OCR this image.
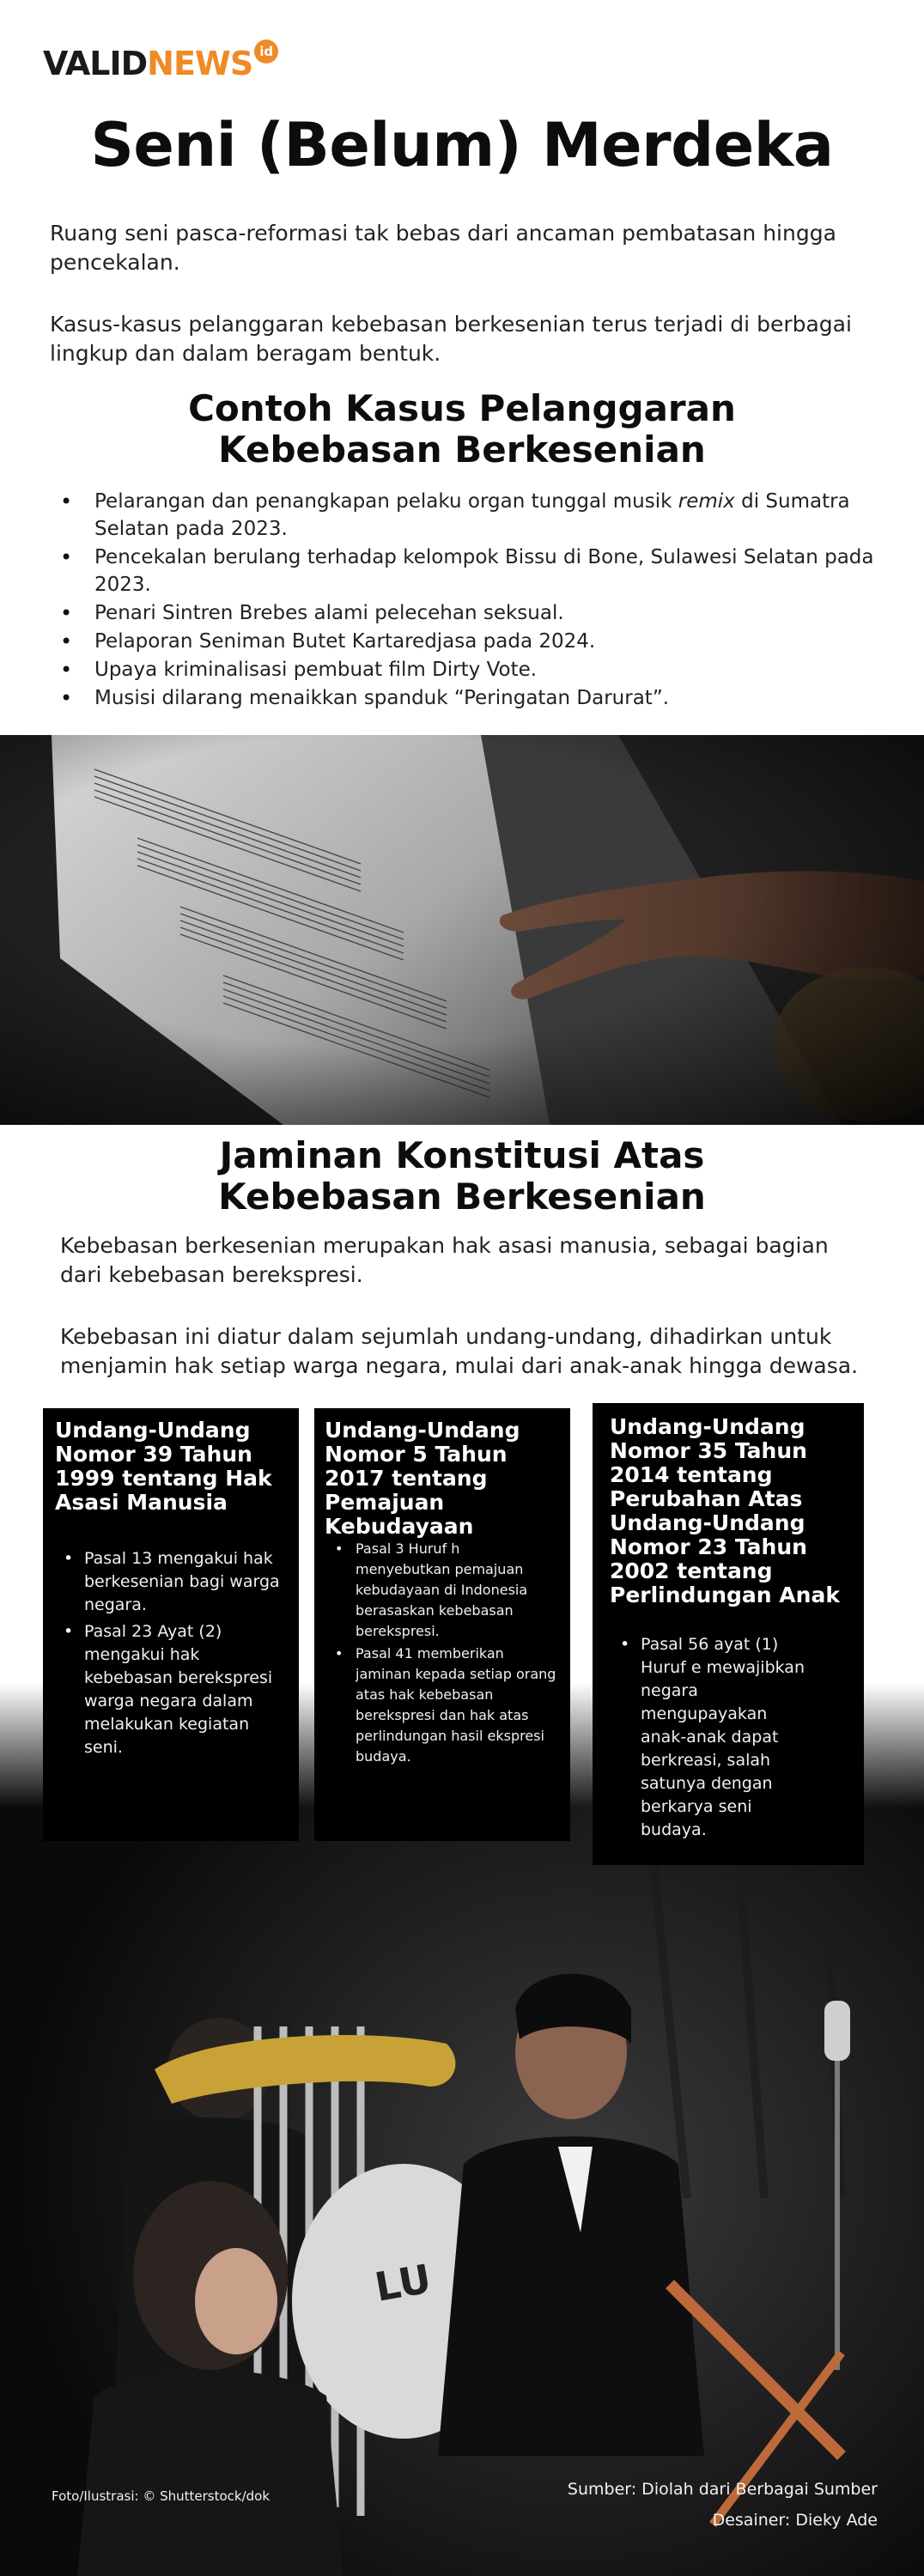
VALID NEWS id
Seni (Belum) Merdeka

Ruang seni pasca-reformasi tak bebas dari ancaman pembatasan hingga pencekalan.

Kasus-kasus pelanggaran kebebasan berkesenian terus terjadi di berbagai lingkup dan dalam beragam bentuk.

Contoh Kasus Pelanggaran
Kebebasan Berkesenian
• Pelarangan dan penangkapan pelaku organ tunggal musik remix di Sumatra Selatan pada 2023.
• Pencekalan berulang terhadap kelompok Bissu di Bone, Sulawesi Selatan pada 2023.
• Penari Sintren Brebes alami pelecehan seksual.
• Pelaporan Seniman Butet Kartaredjasa pada 2024.
• Upaya kriminalisasi pembuat film Dirty Vote.
• Musisi dilarang menaikkan spanduk “Peringatan Darurat”.
Jaminan Konstitusi Atas
Kebebasan Berkesenian

Kebebasan berkesenian merupakan hak asasi manusia, sebagai bagian dari kebebasan berekspresi.

Kebebasan ini diatur dalam sejumlah undang-undang, dihadirkan untuk menjamin hak setiap warga negara, mulai dari anak-anak hingga dewasa.

Undang-Undang Nomor 39 Tahun 1999 tentang Hak Asasi Manusia
• Pasal 13 mengakui hak berkesenian bagi warga negara.
• Pasal 23 Ayat (2) mengakui hak kebebasan berekspresi warga negara dalam melakukan kegiatan seni.
Undang-Undang Nomor 5 Tahun 2017 tentang Pemajuan Kebudayaan
• Pasal 3 Huruf h menyebutkan pemajuan kebudayaan di Indonesia berasaskan kebebasan berekspresi.
• Pasal 41 memberikan jaminan kepada setiap orang atas hak kebebasan berekspresi dan hak atas perlindungan hasil ekspresi budaya.
Undang-Undang Nomor 35 Tahun 2014 tentang Perubahan Atas Undang-Undang Nomor 23 Tahun 2002 tentang Perlindungan Anak
• Pasal 56 ayat (1) Huruf e mewajibkan negara mengupayakan anak-anak dapat berkreasi, salah satunya dengan berkarya seni budaya.
Foto/Ilustrasi: © Shutterstock/dok	Sumber: Diolah dari Berbagai Sumber
Desainer: Dieky Ade
